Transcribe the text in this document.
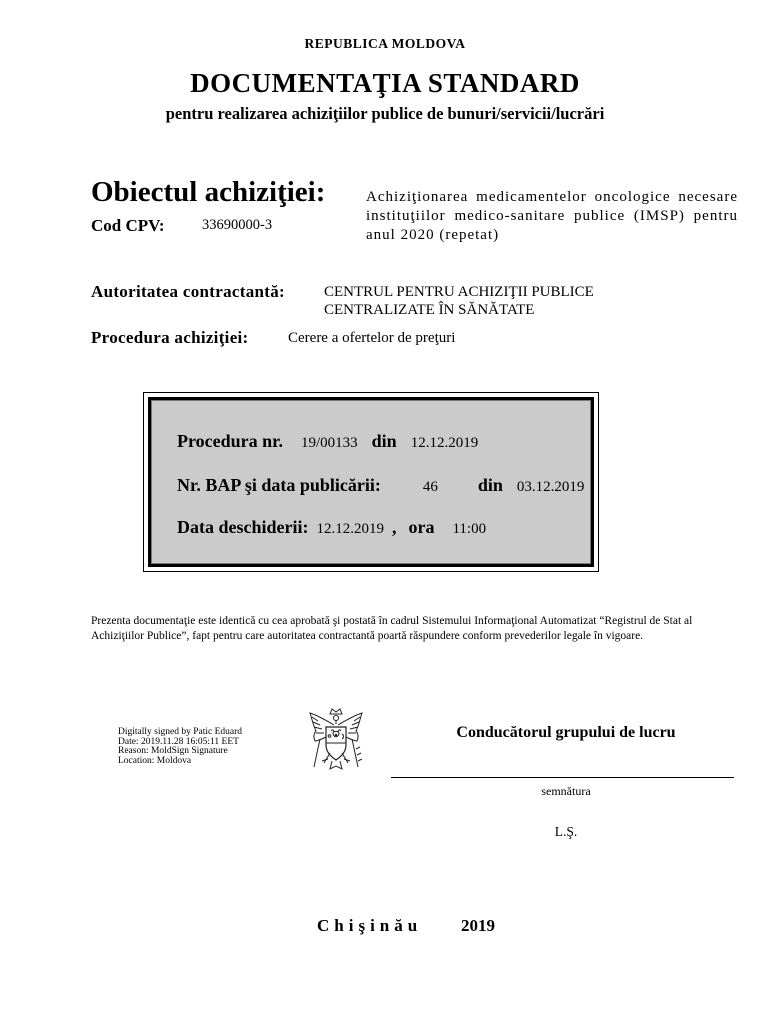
REPUBLICA MOLDOVA
DOCUMENTAŢIA STANDARD
pentru realizarea achiziţiilor publice de bunuri/servicii/lucrări
Obiectul achiziţiei:
Cod CPV:	33690000-3
Achiziţionarea medicamentelor oncologice necesare instituţiilor medico-sanitare publice (IMSP) pentru anul 2020 (repetat)
Autoritatea contractantă:	CENTRUL PENTRU ACHIZIŢII PUBLICE
CENTRALIZATE ÎN SĂNĂTATE
Procedura achiziţiei:	Cerere a ofertelor de preţuri
Procedura nr. 19/00133 din 12.12.2019
Nr. BAP şi data publicării:	46 din 03.12.2019
Data deschiderii: 12.12.2019 , ora 11:00
Prezenta documentaţie este identică cu cea aprobată şi postată în cadrul Sistemului Informaţional Automatizat “Registrul de Stat al Achiziţiilor Publice”, fapt pentru care autoritatea contractantă poartă răspundere conform prevederilor legale în vigoare.
Digitally signed by Patic Eduard
Date: 2019.11.28 16:05:11 EET
Reason: MoldSign Signature
Location: Moldova
Conducătorul grupului de lucru
semnătura
L.Ş.
Chişinău 2019
